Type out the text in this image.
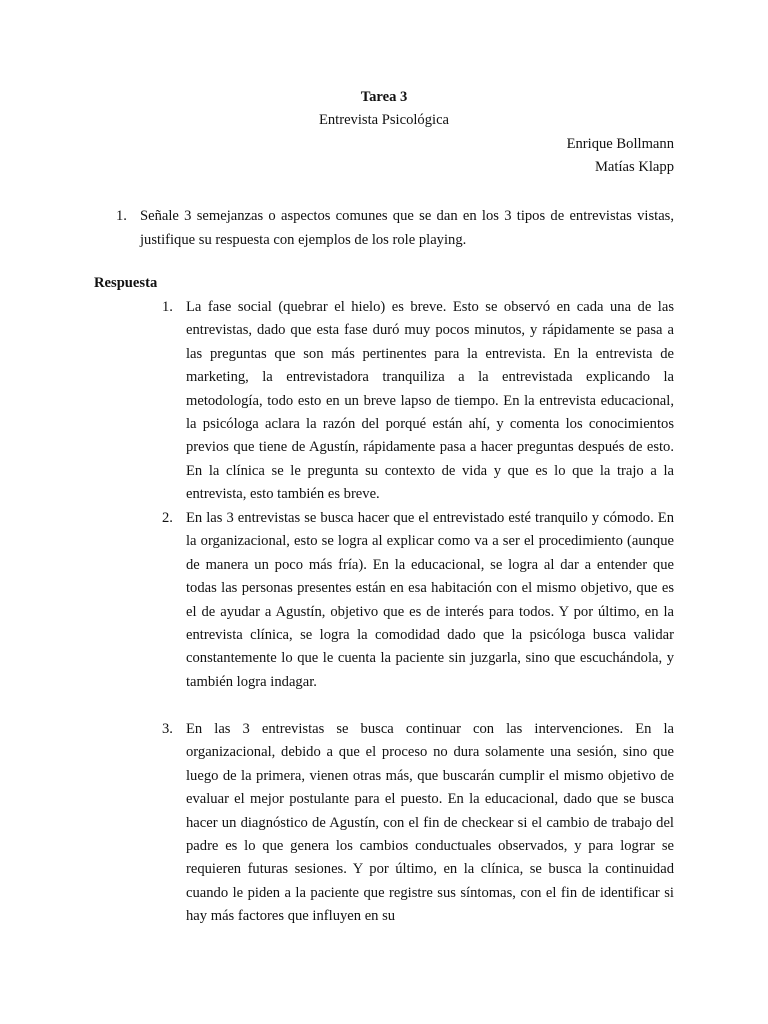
Tarea 3
Entrevista Psicológica
Enrique Bollmann
Matías Klapp
1. Señale 3 semejanzas o aspectos comunes que se dan en los 3 tipos de entrevistas vistas, justifique su respuesta con ejemplos de los role playing.
Respuesta
1. La fase social (quebrar el hielo) es breve. Esto se observó en cada una de las entrevistas, dado que esta fase duró muy pocos minutos, y rápidamente se pasa a las preguntas que son más pertinentes para la entrevista. En la entrevista de marketing, la entrevistadora tranquiliza a la entrevistada explicando la metodología, todo esto en un breve lapso de tiempo. En la entrevista educacional, la psicóloga aclara la razón del porqué están ahí, y comenta los conocimientos previos que tiene de Agustín, rápidamente pasa a hacer preguntas después de esto. En la clínica se le pregunta su contexto de vida y que es lo que la trajo a la entrevista, esto también es breve.
2. En las 3 entrevistas se busca hacer que el entrevistado esté tranquilo y cómodo. En la organizacional, esto se logra al explicar como va a ser el procedimiento (aunque de manera un poco más fría). En la educacional, se logra al dar a entender que todas las personas presentes están en esa habitación con el mismo objetivo, que es el de ayudar a Agustín, objetivo que es de interés para todos. Y por último, en la entrevista clínica, se logra la comodidad dado que la psicóloga busca validar constantemente lo que le cuenta la paciente sin juzgarla, sino que escuchándola, y también logra indagar.
3. En las 3 entrevistas se busca continuar con las intervenciones. En la organizacional, debido a que el proceso no dura solamente una sesión, sino que luego de la primera, vienen otras más, que buscarán cumplir el mismo objetivo de evaluar el mejor postulante para el puesto. En la educacional, dado que se busca hacer un diagnóstico de Agustín, con el fin de checkear si el cambio de trabajo del padre es lo que genera los cambios conductuales observados, y para lograr se requieren futuras sesiones. Y por último, en la clínica, se busca la continuidad cuando le piden a la paciente que registre sus síntomas, con el fin de identificar si hay más factores que influyen en su
